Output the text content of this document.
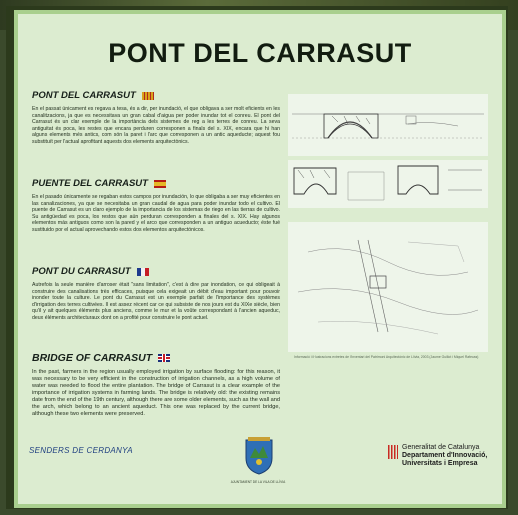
PONT DEL CARRASUT
PONT DEL CARRASUT
En el passat únicament es regava a tesa, és a dir, per inundació, el que obligava a ser molt eficients en les canalitzacions, ja que es necessitava un gran cabal d'aigua per poder inundar tot el conreu. El pont del Carrasut és un clar exemple de la importància dels sistemes de reg a les terres de conreu. La seva antiguitat és poca, les restes que encara perduren corresponen a finals del s. XIX, encara que hi han alguns elements més antics, com són la paret i l'arc que corresponen a un antic aqueducte; aquest fou substituït per l'actual aprofitant aquests dos elements arquitectònics.
PUENTE DEL CARRASUT
En el pasado únicamente se regaban estos campos por inundación, lo que obligaba a ser muy eficientes en las canalizaciones, ya que se necesitaba un gran caudal de agua para poder inundar todo el cultivo. El puente de Carrasut es un claro ejemplo de la importancia de los sistemas de riego en las tierras de cultivo. Su antigüedad es poca, los restos que aún perduran corresponden a finales del s. XIX. Hay algunos elementos más antiguos como son la pared y el arco que corresponden a un antiguo acueducto; éste fué sustituido por el actual aprovechando estos dos elementos arquitectónicos.
PONT DU CARRASUT
Autrefois la seule manière d'arroser était "sans limitation", c'est à dire par inondation, ce qui obligeait à construire des canalisations très efficaces, puisque cela exigeait un débit d'eau important pour pouvoir inonder toute la culture. Le pont du Carrasut est un exemple parfait de l'importance des systèmes d'irrigation des terres cultivées. Il est assez récent car ce qui subsiste de nos jours est du XIXe siècle, bien qu'il y ait quelques éléments plus anciens, comme le mur et la voûte correspondant à l'ancien aqueduc, deux éléments architecturaux dont on a profité pour construire le pont actuel.
BRIDGE OF CARRASUT
In the past, farmers in the region usually employed irrigation by surface flooding: for this reason, it was necessary to be very efficient in the construction of irrigation channels, as a high volume of water was needed to flood the entire plantation. The bridge of Carrasut is a clear example of the importance of irrigation systems in farming lands. The bridge is relatively old: the existing remains date from the end of the 19th century, although there are some older elements, such as the wall and the arch, which belong to an ancient aqueduct. This one was replaced by the current bridge, although these two elements were preserved.
Informació i il·lustracions extretes de l'Inventari del Patrimoni Arquitectònic de Llívia, 2003 (Jaume Guillot i Miquel Rafecas)
SENDERS DE CERDANYA
AJUNTAMENT DE LA VILA DE LLÍVIA
Generalitat de Catalunya
Departament d'Innovació,
Universitats i Empresa
